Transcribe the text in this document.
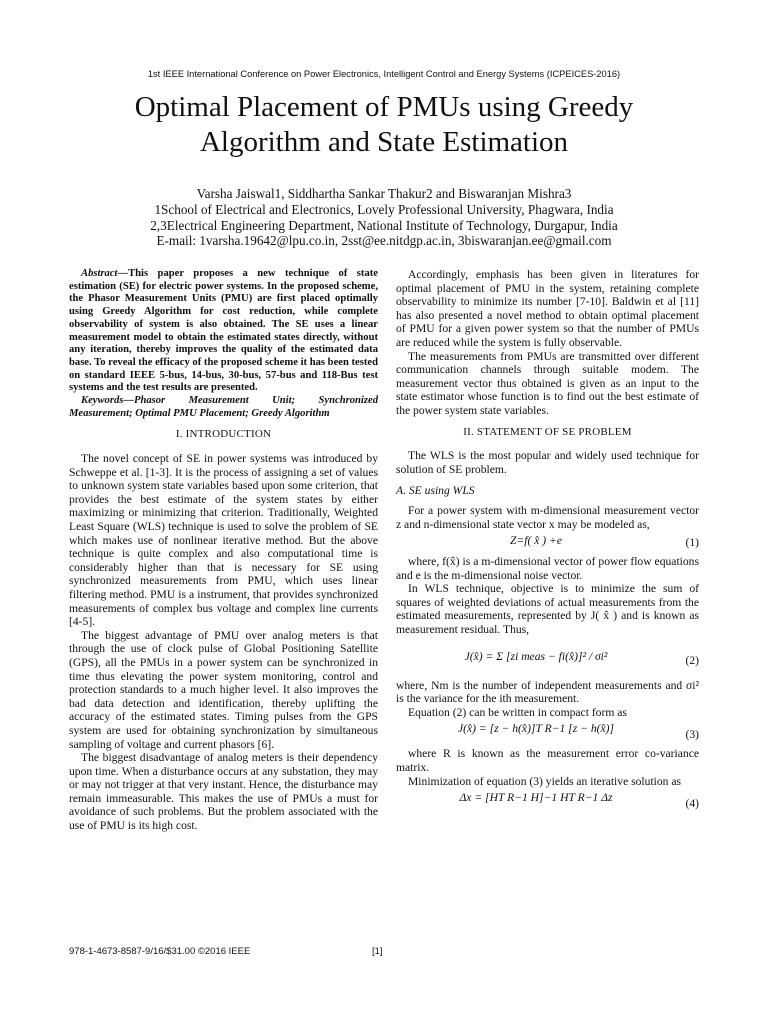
1st IEEE International Conference on Power Electronics, Intelligent Control and Energy Systems (ICPEICES-2016)
Optimal Placement of PMUs using Greedy
Algorithm and State Estimation
Varsha Jaiswal1, Siddhartha Sankar Thakur2 and Biswaranjan Mishra3
1School of Electrical and Electronics, Lovely Professional University, Phagwara, India
2,3Electrical Engineering Department, National Institute of Technology, Durgapur, India
E-mail: 1varsha.19642@lpu.co.in, 2sst@ee.nitdgp.ac.in, 3biswaranjan.ee@gmail.com

Abstract—This paper proposes a new technique of state estimation (SE) for electric power systems. In the proposed scheme, the Phasor Measurement Units (PMU) are first placed optimally using Greedy Algorithm for cost reduction, while complete observability of system is also obtained. The SE uses a linear measurement model to obtain the estimated states directly, without any iteration, thereby improves the quality of the estimated data base. To reveal the efficacy of the proposed scheme it has been tested on standard IEEE 5-bus, 14-bus, 30-bus, 57-bus and 118-Bus test systems and the test results are presented.

Keywords—Phasor Measurement Unit; Synchronized Measurement; Optimal PMU Placement; Greedy Algorithm

I. INTRODUCTION

The novel concept of SE in power systems was introduced by Schweppe et al. [1-3]. It is the process of assigning a set of values to unknown system state variables based upon some criterion, that provides the best estimate of the system states by either maximizing or minimizing that criterion. Traditionally, Weighted Least Square (WLS) technique is used to solve the problem of SE which makes use of nonlinear iterative method. But the above technique is quite complex and also computational time is considerably higher than that is necessary for SE using synchronized measurements from PMU, which uses linear filtering method. PMU is a instrument, that provides synchronized measurements of complex bus voltage and complex line currents [4-5].

The biggest advantage of PMU over analog meters is that through the use of clock pulse of Global Positioning Satellite (GPS), all the PMUs in a power system can be synchronized in time thus elevating the power system monitoring, control and protection standards to a much higher level. It also improves the bad data detection and identification, thereby uplifting the accuracy of the estimated states. Timing pulses from the GPS system are used for obtaining synchronization by simultaneous sampling of voltage and current phasors [6].

The biggest disadvantage of analog meters is their dependency upon time. When a disturbance occurs at any substation, they may or may not trigger at that very instant. Hence, the disturbance may remain immeasurable. This makes the use of PMUs a must for avoidance of such problems. But the problem associated with the use of PMU is its high cost.

Accordingly, emphasis has been given in literatures for optimal placement of PMU in the system, retaining complete observability to minimize its number [7-10]. Baldwin et al [11] has also presented a novel method to obtain optimal placement of PMU for a given power system so that the number of PMUs are reduced while the system is fully observable.

The measurements from PMUs are transmitted over different communication channels through suitable modem. The measurement vector thus obtained is given as an input to the state estimator whose function is to find out the best estimate of the power system state variables.

II. STATEMENT OF SE PROBLEM

The WLS is the most popular and widely used technique for solution of SE problem.

A. SE using WLS

For a power system with m-dimensional measurement vector z and n-dimensional state vector x may be modeled as,

Z=f( x̂ ) +e	(1)

where, f(x̂) is a m-dimensional vector of power flow equations and e is the m-dimensional noise vector.

In WLS technique, objective is to minimize the sum of squares of weighted deviations of actual measurements from the estimated measurements, represented by J( x̂ ) and is known as measurement residual. Thus,

J(x̂) = Σ [zi meas − fi(x̂)]² / σi²	(2)

where, Nm is the number of independent measurements and σi² is the variance for the ith measurement.

Equation (2) can be written in compact form as

J(x̂) = [z − h(x̂)]T R−1 [z − h(x̂)]	(3)

where R is known as the measurement error co-variance matrix.

Minimization of equation (3) yields an iterative solution as

Δx = [HT R−1 H]−1 HT R−1 Δz	(4)
978-1-4673-8587-9/16/$31.00 ©2016 IEEE	[1]
